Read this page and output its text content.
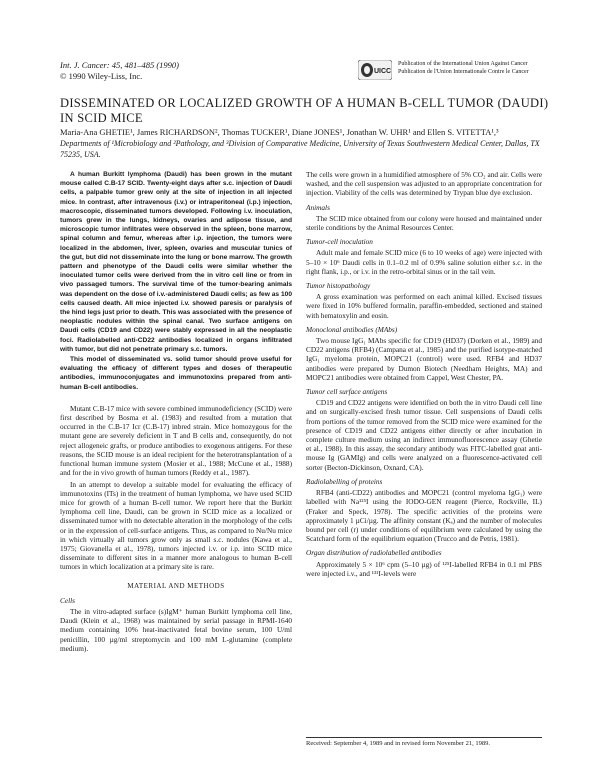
Int. J. Cancer: 45, 481–485 (1990)
© 1990 Wiley-Liss, Inc.	UICC
Publication of the International Union Against Cancer
Publication de l'Union Internationale Contre le Cancer
DISSEMINATED OR LOCALIZED GROWTH OF A HUMAN B-CELL TUMOR (DAUDI) IN SCID MICE
Maria-Ana GHETIE¹, James RICHARDSON², Thomas TUCKER¹, Diane JONES¹, Jonathan W. UHR¹ and Ellen S. VITETTA¹,³
Departments of ¹Microbiology and ²Pathology, and ³Division of Comparative Medicine, University of Texas Southwestern Medical Center, Dallas, TX 75235, USA.

A human Burkitt lymphoma (Daudi) has been grown in the mutant mouse called C.B-17 SCID. Twenty-eight days after s.c. injection of Daudi cells, a palpable tumor grew only at the site of injection in all injected mice. In contrast, after intravenous (i.v.) or intraperitoneal (i.p.) injection, macroscopic, disseminated tumors developed. Following i.v. inoculation, tumors grew in the lungs, kidneys, ovaries and adipose tissue, and microscopic tumor infiltrates were observed in the spleen, bone marrow, spinal column and femur, whereas after i.p. injection, the tumors were localized in the abdomen, liver, spleen, ovaries and muscular tunics of the gut, but did not disseminate into the lung or bone marrow. The growth pattern and phenotype of the Daudi cells were similar whether the inoculated tumor cells were derived from the in vitro cell line or from in vivo passaged tumors. The survival time of the tumor-bearing animals was dependent on the dose of i.v.-administered Daudi cells; as few as 100 cells caused death. All mice injected i.v. showed paresis or paralysis of the hind legs just prior to death. This was associated with the presence of neoplastic nodules within the spinal canal. Two surface antigens on Daudi cells (CD19 and CD22) were stably expressed in all the neoplastic foci. Radiolabelled anti-CD22 antibodies localized in organs infiltrated with tumor, but did not penetrate primary s.c. tumors.

This model of disseminated vs. solid tumor should prove useful for evaluating the efficacy of different types and doses of therapeutic antibodies, immunoconjugates and immunotoxins prepared from anti-human B-cell antibodies.

Mutant C.B-17 mice with severe combined immunodeficiency (SCID) were first described by Bosma et al. (1983) and resulted from a mutation that occurred in the C.B-17 Icr (C.B-17) inbred strain. Mice homozygous for the mutant gene are severely deficient in T and B cells and, consequently, do not reject allogeneic grafts, or produce antibodies to exogenous antigens. For these reasons, the SCID mouse is an ideal recipient for the heterotransplantation of a functional human immune system (Mosier et al., 1988; McCune et al., 1988) and for the in vivo growth of human tumors (Reddy et al., 1987).

In an attempt to develop a suitable model for evaluating the efficacy of immunotoxins (ITs) in the treatment of human lymphoma, we have used SCID mice for growth of a human B-cell tumor. We report here that the Burkitt lymphoma cell line, Daudi, can be grown in SCID mice as a localized or disseminated tumor with no detectable alteration in the morphology of the cells or in the expression of cell-surface antigens. Thus, as compared to Nu/Nu mice in which virtually all tumors grow only as small s.c. nodules (Kawa et al., 1975; Giovanella et al., 1978), tumors injected i.v. or i.p. into SCID mice disseminate to different sites in a manner more analogous to human B-cell tumors in which localization at a primary site is rare.

MATERIAL AND METHODS
Cells

The in vitro-adapted surface (s)IgM⁺ human Burkitt lymphoma cell line, Daudi (Klein et al., 1968) was maintained by serial passage in RPMI-1640 medium containing 10% heat-inactivated fetal bovine serum, 100 U/ml penicillin, 100 µg/ml streptomycin and 100 mM L-glutamine (complete medium).

The cells were grown in a humidified atmosphere of 5% CO₂ and air. Cells were washed, and the cell suspension was adjusted to an appropriate concentration for injection. Viability of the cells was determined by Trypan blue dye exclusion.

Animals

The SCID mice obtained from our colony were housed and maintained under sterile conditions by the Animal Resources Center.

Tumor-cell inoculation

Adult male and female SCID mice (6 to 10 weeks of age) were injected with 5–10 × 10⁶ Daudi cells in 0.1–0.2 ml of 0.9% saline solution either s.c. in the right flank, i.p., or i.v. in the retro-orbital sinus or in the tail vein.

Tumor histopathology

A gross examination was performed on each animal killed. Excised tissues were fixed in 10% buffered formalin, paraffin-embedded, sectioned and stained with hematoxylin and eosin.

Monoclonal antibodies (MAbs)

Two mouse IgG₁ MAbs specific for CD19 (HD37) (Dorken et al., 1989) and CD22 antigens (RFB4) (Campana et al., 1985) and the purified isotype-matched IgG₁ myeloma protein, MOPC21 (control) were used. RFB4 and HD37 antibodies were prepared by Dumon Biotech (Needham Heights, MA) and MOPC21 antibodies were obtained from Cappel, West Chester, PA.

Tumor cell surface antigens

CD19 and CD22 antigens were identified on both the in vitro Daudi cell line and on surgically-excised fresh tumor tissue. Cell suspensions of Daudi cells from portions of the tumor removed from the SCID mice were examined for the presence of CD19 and CD22 antigens either directly or after incubation in complete culture medium using an indirect immunofluorescence assay (Ghetie et al., 1988). In this assay, the secondary antibody was FITC-labelled goat anti-mouse Ig (GAMIg) and cells were analyzed on a fluorescence-activated cell sorter (Becton-Dickinson, Oxnard, CA).

Radiolabelling of proteins

RFB4 (anti-CD22) antibodies and MOPC21 (control myeloma IgG₁) were labelled with Na¹²⁵I using the IODO-GEN reagent (Pierce, Rockville, IL) (Fraker and Speck, 1978). The specific activities of the proteins were approximately 1 µCi/µg. The affinity constant (Kₐ) and the number of molecules bound per cell (r) under conditions of equilibrium were calculated by using the Scatchard form of the equilibrium equation (Trucco and de Petris, 1981).

Organ distribution of radiolabelled antibodies

Approximately 5 × 10⁶ cpm (5–10 µg) of ¹²⁵I-labelled RFB4 in 0.1 ml PBS were injected i.v., and ¹³¹I-levels were

Received: September 4, 1989 and in revised form November 21, 1989.
